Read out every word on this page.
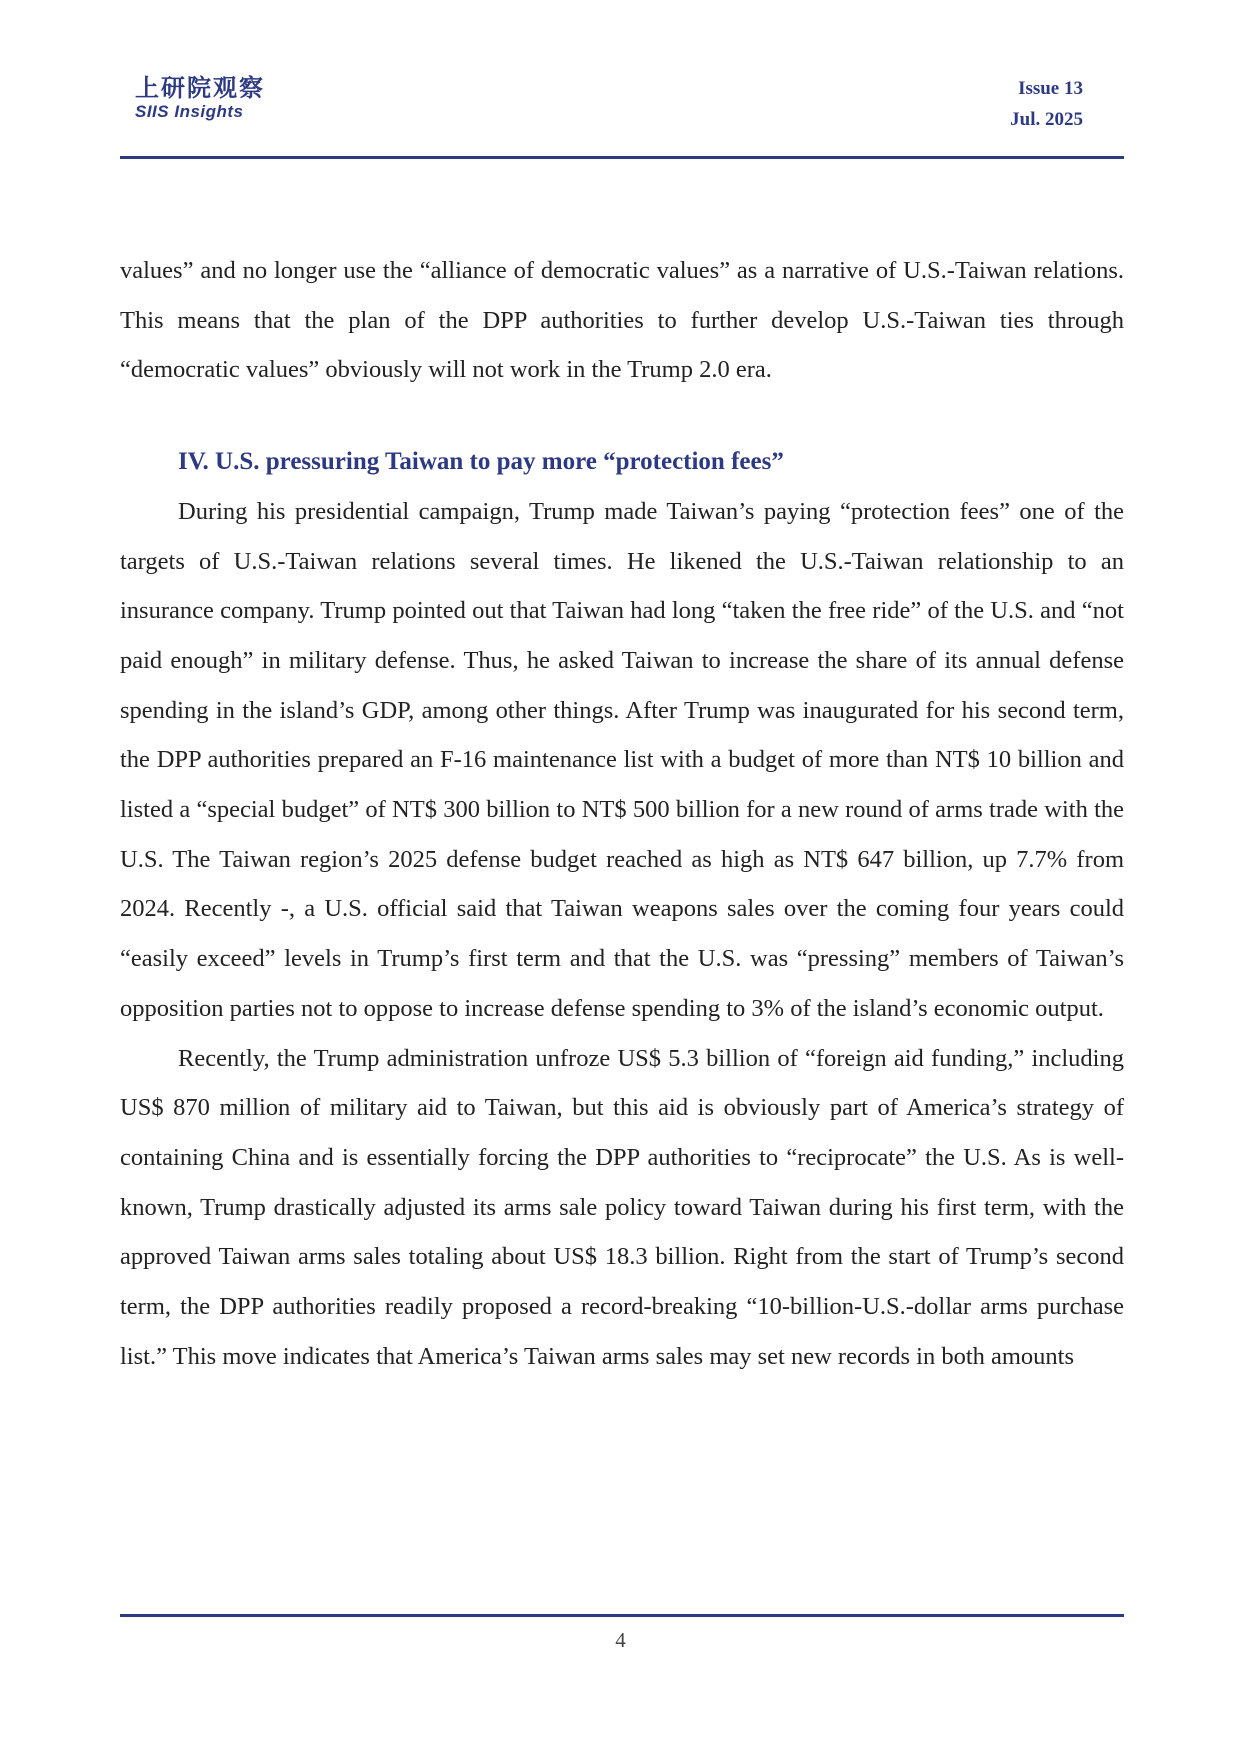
上研院观察
SIIS Insights
Issue 13
Jul. 2025

values” and no longer use the “alliance of democratic values” as a narrative of U.S.-Taiwan relations. This means that the plan of the DPP authorities to further develop U.S.-Taiwan ties through “democratic values” obviously will not work in the Trump 2.0 era.

IV. U.S. pressuring Taiwan to pay more “protection fees”

During his presidential campaign, Trump made Taiwan’s paying “protection fees” one of the targets of U.S.-Taiwan relations several times. He likened the U.S.-Taiwan relationship to an insurance company. Trump pointed out that Taiwan had long “taken the free ride” of the U.S. and “not paid enough” in military defense. Thus, he asked Taiwan to increase the share of its annual defense spending in the island’s GDP, among other things. After Trump was inaugurated for his second term, the DPP authorities prepared an F-16 maintenance list with a budget of more than NT$ 10 billion and listed a “special budget” of NT$ 300 billion to NT$ 500 billion for a new round of arms trade with the U.S. The Taiwan region’s 2025 defense budget reached as high as NT$ 647 billion, up 7.7% from 2024. Recently -, a U.S. official said that Taiwan weapons sales over the coming four years could “easily exceed” levels in Trump’s first term and that the U.S. was “pressing” members of Taiwan’s opposition parties not to oppose to increase defense spending to 3% of the island’s economic output.

Recently, the Trump administration unfroze US$ 5.3 billion of “foreign aid funding,” including US$ 870 million of military aid to Taiwan, but this aid is obviously part of America’s strategy of containing China and is essentially forcing the DPP authorities to “reciprocate” the U.S. As is well-known, Trump drastically adjusted its arms sale policy toward Taiwan during his first term, with the approved Taiwan arms sales totaling about US$ 18.3 billion. Right from the start of Trump’s second term, the DPP authorities readily proposed a record-breaking “10-billion-U.S.-dollar arms purchase list.” This move indicates that America’s Taiwan arms sales may set new records in both amounts

4
